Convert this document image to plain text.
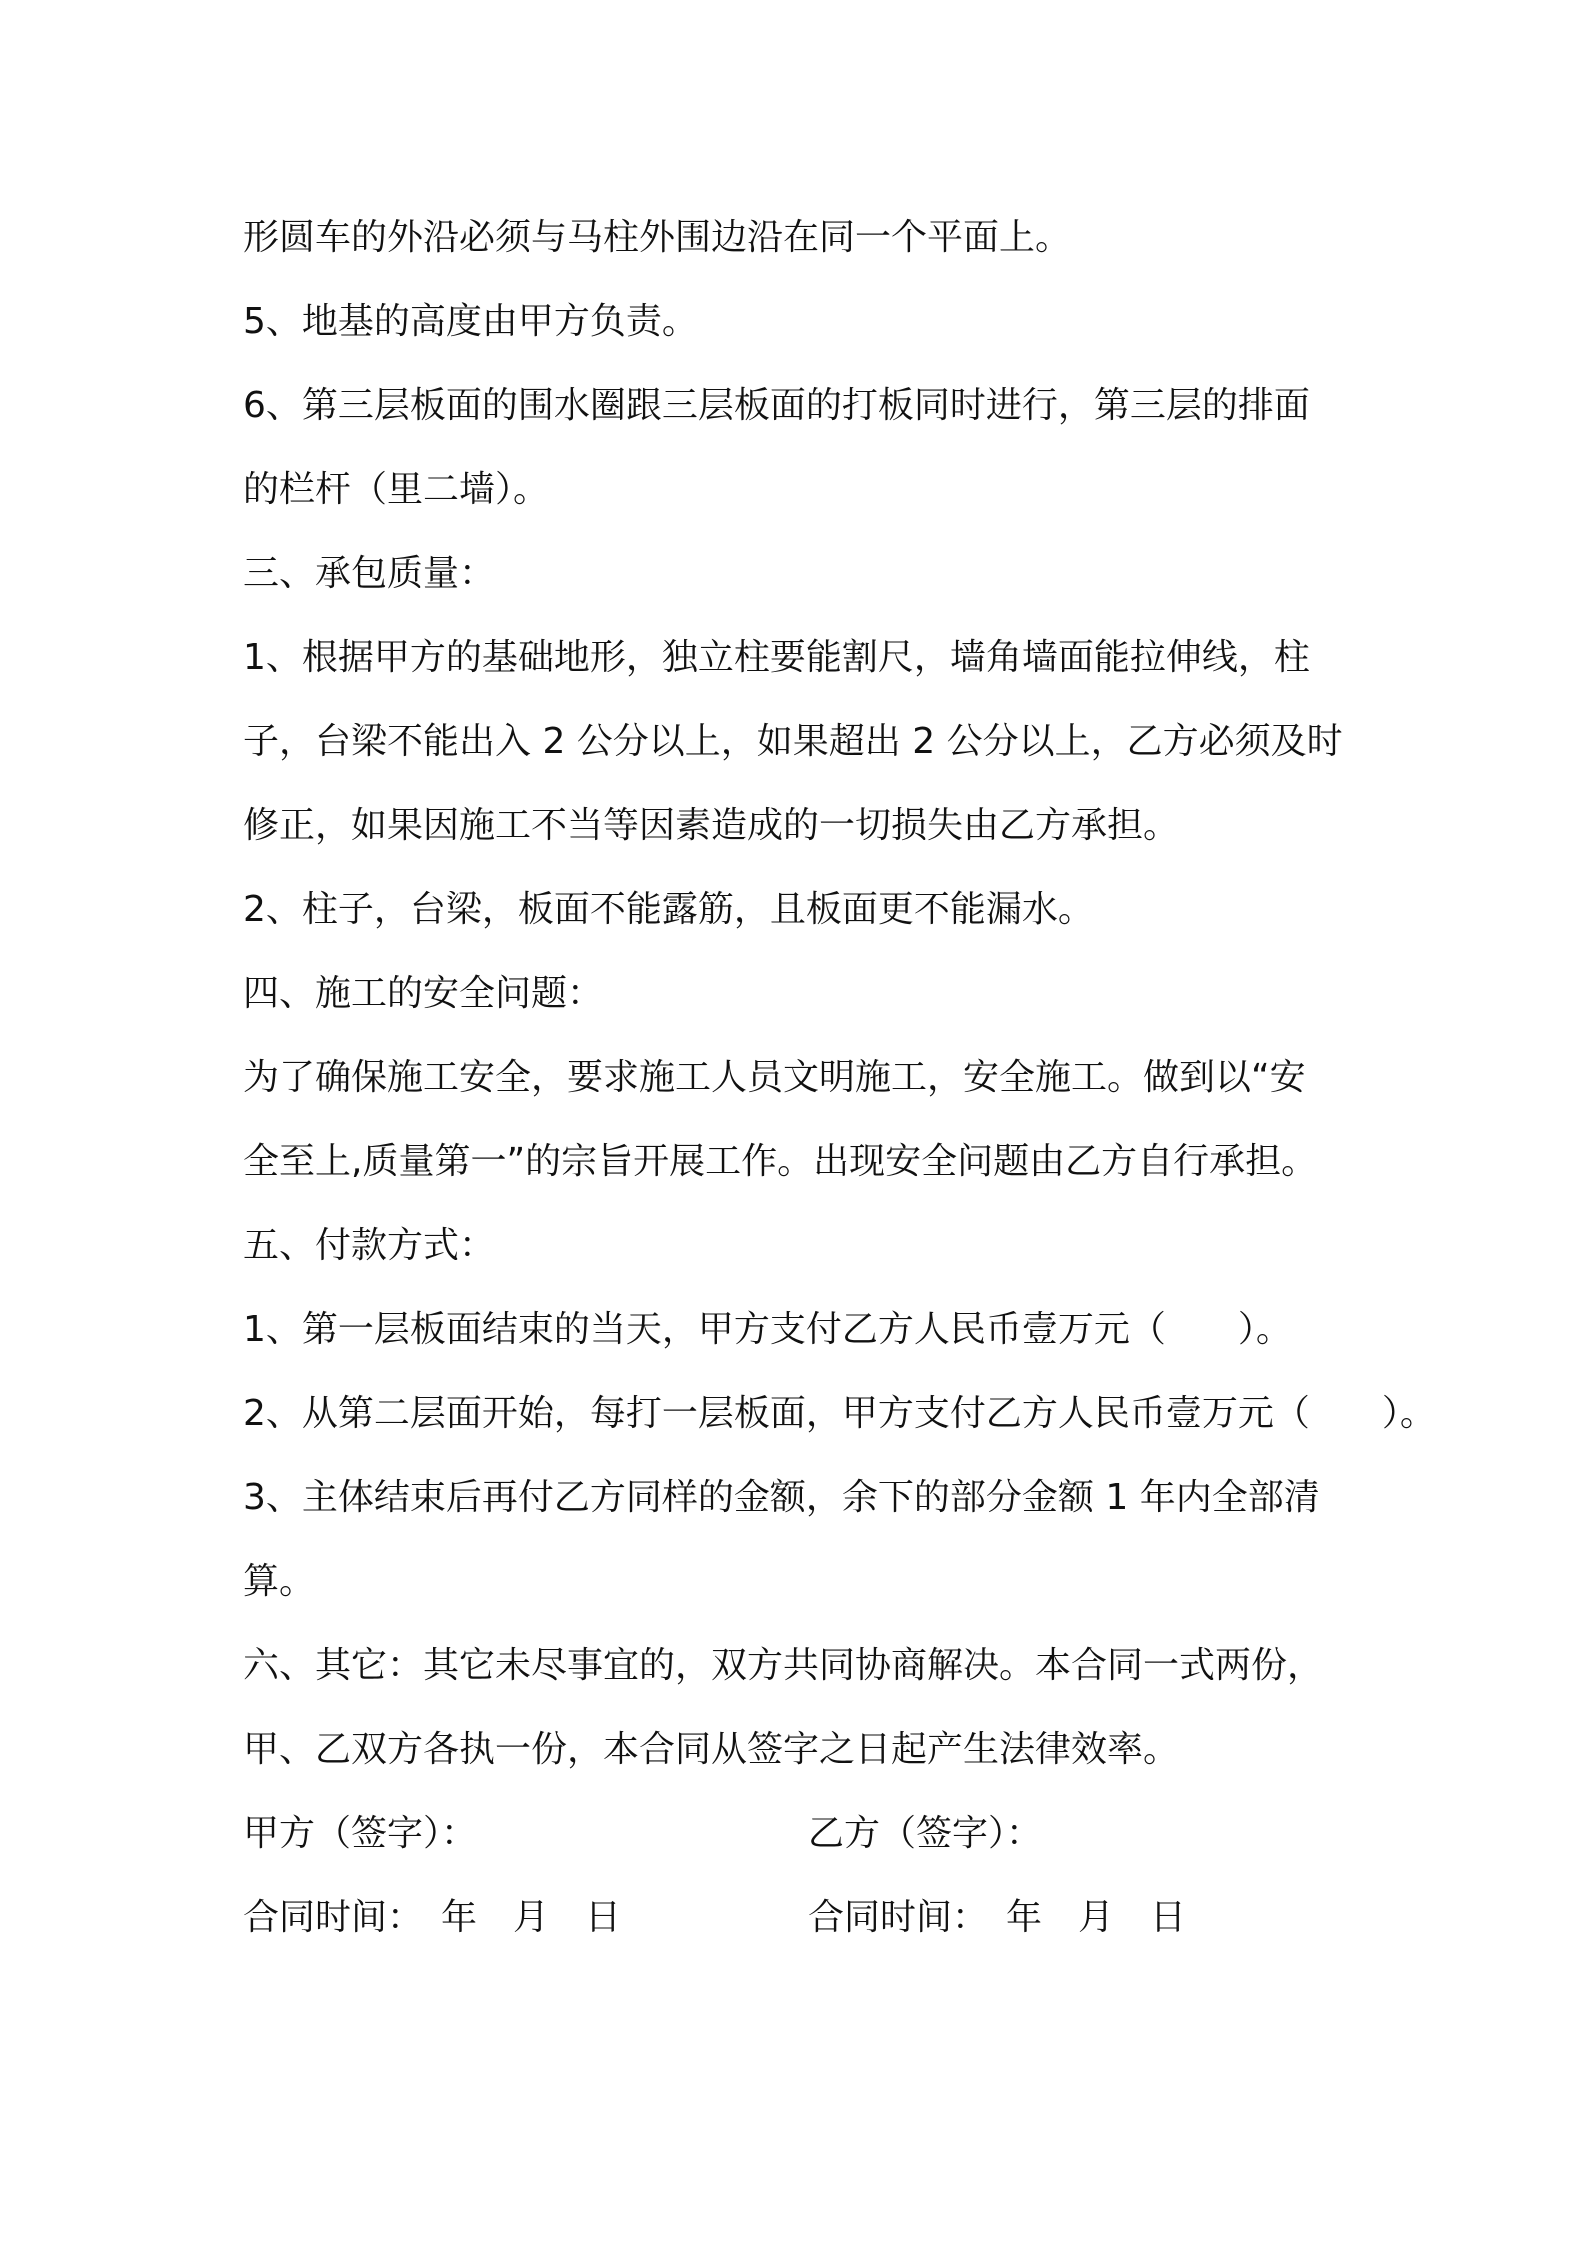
形圆车的外沿必须与马柱外围边沿在同一个平面上。
5、地基的高度由甲方负责。
6、第三层板面的围水圈跟三层板面的打板同时进行，第三层的排面
的栏杆（里二墙）。
三、承包质量：
1、根据甲方的基础地形，独立柱要能割尺，墙角墙面能拉伸线，柱
子，台梁不能出入 2 公分以上，如果超出 2 公分以上，乙方必须及时
修正，如果因施工不当等因素造成的一切损失由乙方承担。
2、柱子，台梁，板面不能露筋，且板面更不能漏水。
四、施工的安全问题：
为了确保施工安全，要求施工人员文明施工，安全施工。做到以“安
全至上,质量第一”的宗旨开展工作。出现安全问题由乙方自行承担。
五、付款方式：
1、第一层板面结束的当天，甲方支付乙方人民币壹万元（　　）。
2、从第二层面开始，每打一层板面，甲方支付乙方人民币壹万元（　　）。
3、主体结束后再付乙方同样的金额，余下的部分金额 1 年内全部清
算。
六、其它：其它未尽事宜的，双方共同协商解决。本合同一式两份，
甲、乙双方各执一份，本合同从签字之日起产生法律效率。
甲方（签字）：	乙方（签字）：
合同时间：　年　月　日	合同时间：　年　月　日
